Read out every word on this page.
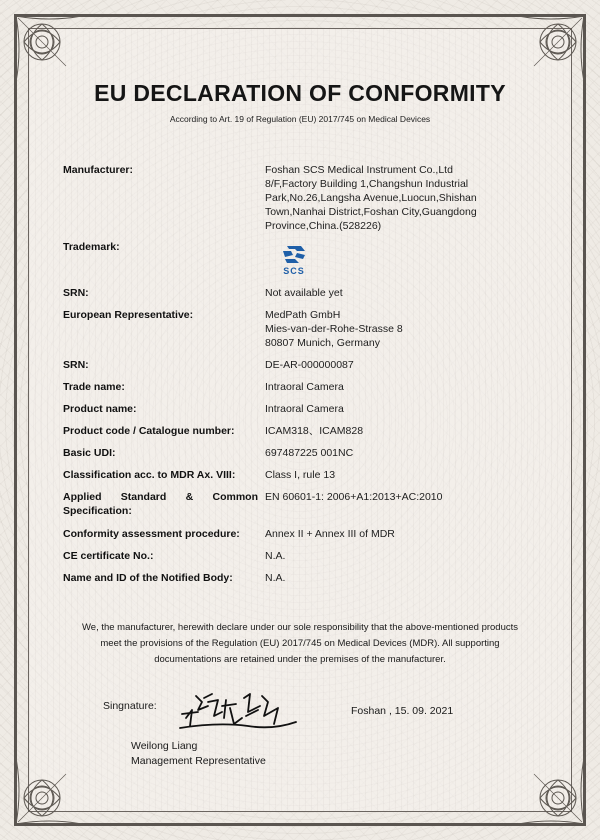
EU DECLARATION OF CONFORMITY
According to Art. 19 of Regulation (EU) 2017/745 on Medical Devices
Manufacturer:	Foshan SCS Medical Instrument Co.,Ltd
8/F,Factory Building 1,Changshun Industrial
Park,No.26,Langsha Avenue,Luocun,Shishan
Town,Nanhai District,Foshan City,Guangdong
Province,China.(528226)
Trademark:
SCS
SRN:	Not available yet
European Representative:	MedPath GmbH
Mies-van-der-Rohe-Strasse 8
80807 Munich, Germany
SRN:	DE-AR-000000087
Trade name:	Intraoral Camera
Product name:	Intraoral Camera
Product code / Catalogue number:	ICAM318、ICAM828
Basic UDI:	697487225 001NC
Classification acc. to MDR Ax. VIII:	Class I, rule 13
Applied Standard & Common
Specification:
EN 60601-1: 2006+A1:2013+AC:2010
Conformity assessment procedure:	Annex II + Annex III of MDR
CE certificate No.:	N.A.
Name and ID of the Notified Body:	N.A.
We, the manufacturer, herewith declare under our sole responsibility that the above-mentioned products
meet the provisions of the Regulation (EU) 2017/745 on Medical Devices (MDR). All supporting
documentations are retained under the premises of the manufacturer.
Singnature:	Foshan , 15. 09. 2021
Weilong Liang
Management Representative
